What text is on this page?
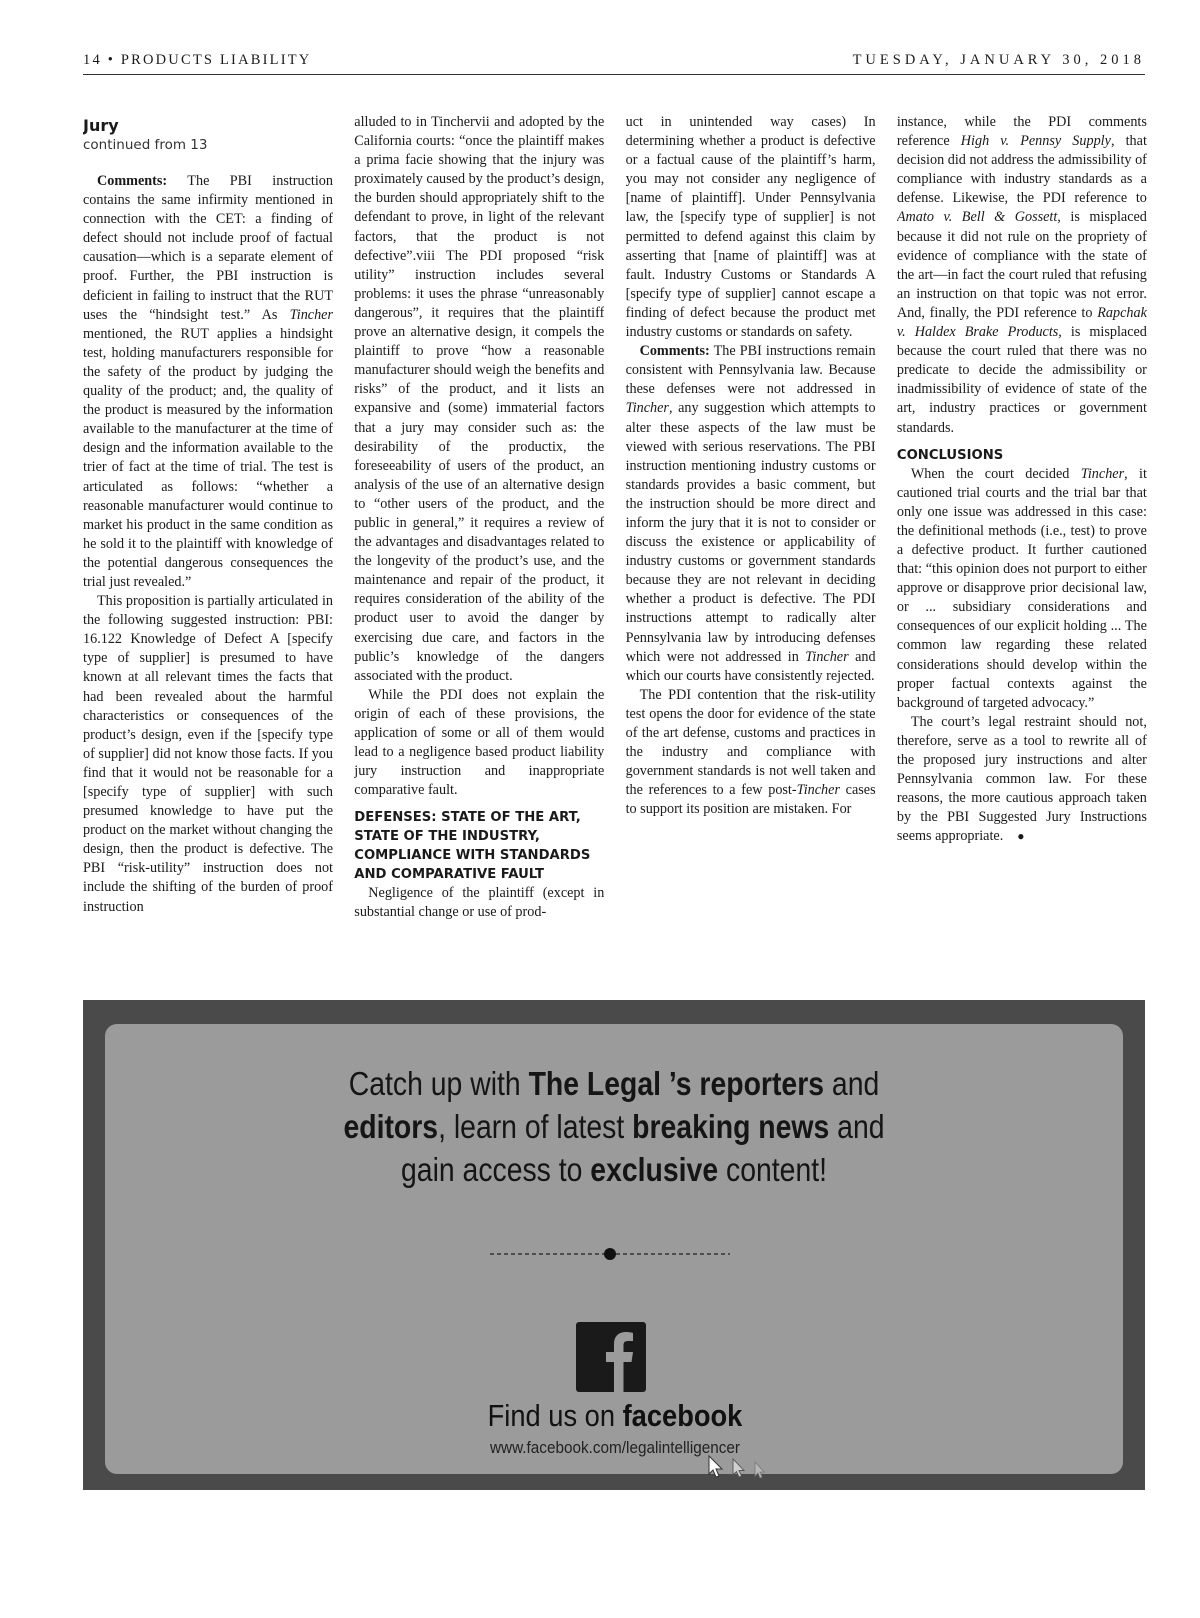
14 • PRODUCTS LIABILITY	TUESDAY, JANUARY 30, 2018
Jury
continued from 13

Comments: The PBI instruction contains the same infirmity mentioned in connection with the CET: a finding of defect should not include proof of factual causation—which is a separate element of proof. Further, the PBI instruction is deficient in failing to instruct that the RUT uses the “hindsight test.” As Tincher mentioned, the RUT applies a hindsight test, holding manufacturers responsible for the safety of the product by judging the quality of the product; and, the quality of the product is measured by the information available to the manufacturer at the time of design and the information available to the trier of fact at the time of trial. The test is articulated as follows: “whether a reasonable manufacturer would continue to market his product in the same condition as he sold it to the plaintiff with knowledge of the potential dangerous consequences the trial just revealed.”

This proposition is partially articulated in the following suggested instruction: PBI: 16.122 Knowledge of Defect A [specify type of supplier] is presumed to have known at all relevant times the facts that had been revealed about the harmful characteristics or consequences of the product’s design, even if the [specify type of supplier] did not know those facts. If you find that it would not be reasonable for a [specify type of supplier] with such presumed knowledge to have put the product on the market without changing the design, then the product is defective. The PBI “risk-utility” instruction does not include the shifting of the burden of proof instruction

alluded to in Tinchervii and adopted by the California courts: “once the plaintiff makes a prima facie showing that the injury was proximately caused by the product’s design, the burden should appropriately shift to the defendant to prove, in light of the relevant factors, that the product is not defective”.viii The PDI proposed “risk utility” instruction includes several problems: it uses the phrase “unreasonably dangerous”, it requires that the plaintiff prove an alternative design, it compels the plaintiff to prove “how a reasonable manufacturer should weigh the benefits and risks” of the product, and it lists an expansive and (some) immaterial factors that a jury may consider such as: the desirability of the productix, the foreseeability of users of the product, an analysis of the use of an alternative design to “other users of the product, and the public in general,” it requires a review of the advantages and disadvantages related to the longevity of the product’s use, and the maintenance and repair of the product, it requires consideration of the ability of the product user to avoid the danger by exercising due care, and factors in the public’s knowledge of the dangers associated with the product.

While the PDI does not explain the origin of each of these provisions, the application of some or all of them would lead to a negligence based product liability jury instruction and inappropriate comparative fault.

DEFENSES: STATE OF THE ART, STATE OF THE INDUSTRY, COMPLIANCE WITH STANDARDS AND COMPARATIVE FAULT

Negligence of the plaintiff (except in substantial change or use of prod-

uct in unintended way cases) In determining whether a product is defective or a factual cause of the plaintiff’s harm, you may not consider any negligence of [name of plaintiff]. Under Pennsylvania law, the [specify type of supplier] is not permitted to defend against this claim by asserting that [name of plaintiff] was at fault. Industry Customs or Standards A [specify type of supplier] cannot escape a finding of defect because the product met industry customs or standards on safety.

Comments: The PBI instructions remain consistent with Pennsylvania law. Because these defenses were not addressed in Tincher, any suggestion which attempts to alter these aspects of the law must be viewed with serious reservations. The PBI instruction mentioning industry customs or standards provides a basic comment, but the instruction should be more direct and inform the jury that it is not to consider or discuss the existence or applicability of industry customs or government standards because they are not relevant in deciding whether a product is defective. The PDI instructions attempt to radically alter Pennsylvania law by introducing defenses which were not addressed in Tincher and which our courts have consistently rejected.

The PDI contention that the risk-utility test opens the door for evidence of the state of the art defense, customs and practices in the industry and compliance with government standards is not well taken and the references to a few post-Tincher cases to support its position are mistaken. For

instance, while the PDI comments reference High v. Pennsy Supply, that decision did not address the admissibility of compliance with industry standards as a defense. Likewise, the PDI reference to Amato v. Bell & Gossett, is misplaced because it did not rule on the propriety of evidence of compliance with the state of the art—in fact the court ruled that refusing an instruction on that topic was not error. And, finally, the PDI reference to Rapchak v. Haldex Brake Products, is misplaced because the court ruled that there was no predicate to decide the admissibility or inadmissibility of evidence of state of the art, industry practices or government standards.

CONCLUSIONS

When the court decided Tincher, it cautioned trial courts and the trial bar that only one issue was addressed in this case: the definitional methods (i.e., test) to prove a defective product. It further cautioned that: “this opinion does not purport to either approve or disapprove prior decisional law, or ... subsidiary considerations and consequences of our explicit holding ... The common law regarding these related considerations should develop within the proper factual contexts against the background of targeted advocacy.”

The court’s legal restraint should not, therefore, serve as a tool to rewrite all of the proposed jury instructions and alter Pennsylvania common law. For these reasons, the more cautious approach taken by the PBI Suggested Jury Instructions seems appropriate. ●

Catch up with The Legal ’s reporters and
editors, learn of latest breaking news and
gain access to exclusive content!
Find us on facebook
www.facebook.com/legalintelligencer
